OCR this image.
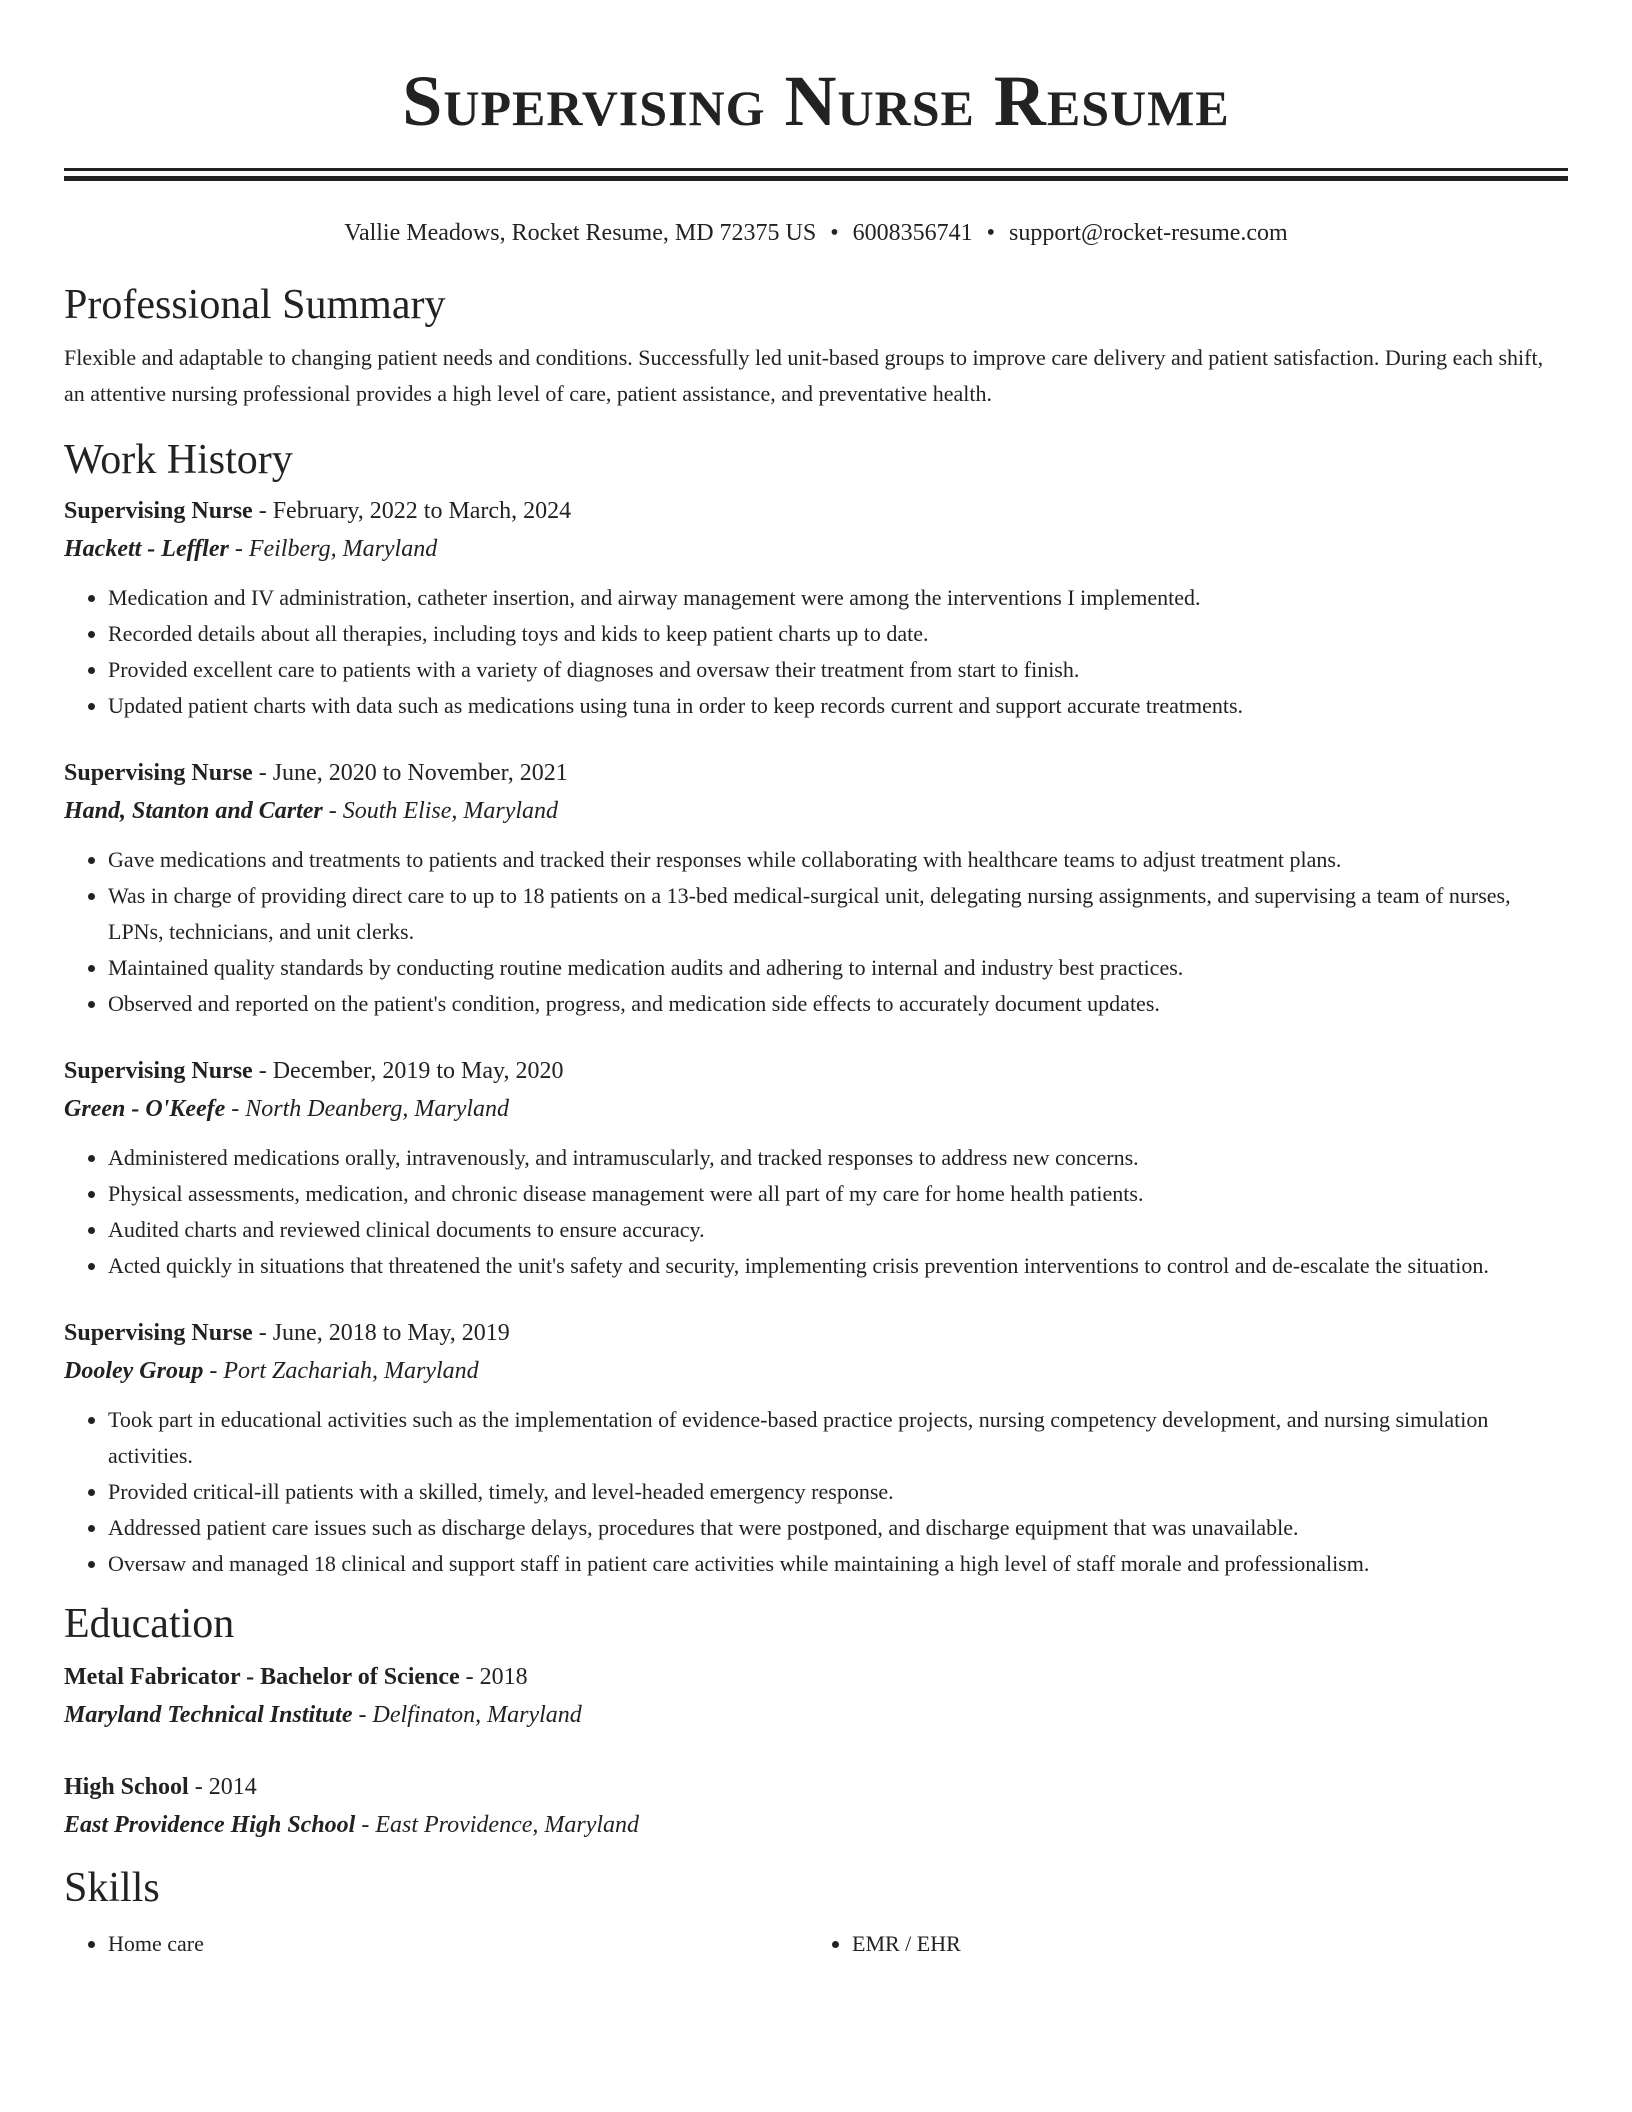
Supervising Nurse Resume
Vallie Meadows, Rocket Resume, MD 72375 US • 6008356741 • support@rocket-resume.com
Professional Summary

Flexible and adaptable to changing patient needs and conditions. Successfully led unit-based groups to improve care delivery and patient satisfaction. During each shift, an attentive nursing professional provides a high level of care, patient assistance, and preventative health.

Work History

Supervising Nurse - February, 2022 to March, 2024

Hackett - Leffler - Feilberg, Maryland

• Medication and IV administration, catheter insertion, and airway management were among the interventions I implemented.
• Recorded details about all therapies, including toys and kids to keep patient charts up to date.
• Provided excellent care to patients with a variety of diagnoses and oversaw their treatment from start to finish.
• Updated patient charts with data such as medications using tuna in order to keep records current and support accurate treatments.

Supervising Nurse - June, 2020 to November, 2021

Hand, Stanton and Carter - South Elise, Maryland

• Gave medications and treatments to patients and tracked their responses while collaborating with healthcare teams to adjust treatment plans.
• Was in charge of providing direct care to up to 18 patients on a 13-bed medical-surgical unit, delegating nursing assignments, and supervising a team of nurses, LPNs, technicians, and unit clerks.
• Maintained quality standards by conducting routine medication audits and adhering to internal and industry best practices.
• Observed and reported on the patient's condition, progress, and medication side effects to accurately document updates.

Supervising Nurse - December, 2019 to May, 2020

Green - O'Keefe - North Deanberg, Maryland

• Administered medications orally, intravenously, and intramuscularly, and tracked responses to address new concerns.
• Physical assessments, medication, and chronic disease management were all part of my care for home health patients.
• Audited charts and reviewed clinical documents to ensure accuracy.
• Acted quickly in situations that threatened the unit's safety and security, implementing crisis prevention interventions to control and de-escalate the situation.

Supervising Nurse - June, 2018 to May, 2019

Dooley Group - Port Zachariah, Maryland

• Took part in educational activities such as the implementation of evidence-based practice projects, nursing competency development, and nursing simulation activities.
• Provided critical-ill patients with a skilled, timely, and level-headed emergency response.
• Addressed patient care issues such as discharge delays, procedures that were postponed, and discharge equipment that was unavailable.
• Oversaw and managed 18 clinical and support staff in patient care activities while maintaining a high level of staff morale and professionalism.
Education

Metal Fabricator - Bachelor of Science - 2018

Maryland Technical Institute - Delfinaton, Maryland

High School - 2014

East Providence High School - East Providence, Maryland

Skills
• Home care
•	EMR / EHR
